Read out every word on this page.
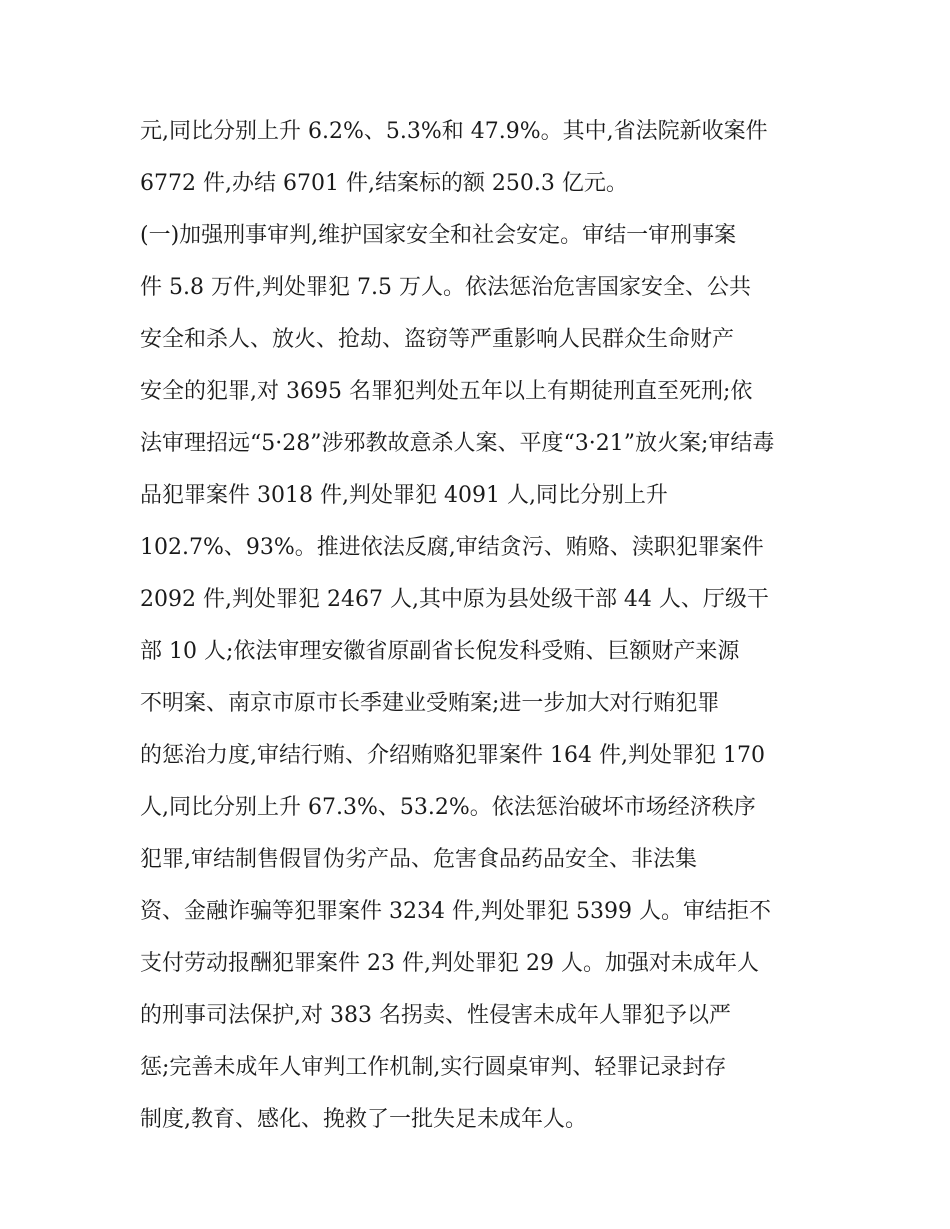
元,同比分别上升 6.2%、5.3%和 47.9%。其中,省法院新收案件
6772 件,办结 6701 件,结案标的额 250.3 亿元。
(一)加强刑事审判,维护国家安全和社会安定。审结一审刑事案
件 5.8 万件,判处罪犯 7.5 万人。依法惩治危害国家安全、公共
安全和杀人、放火、抢劫、盗窃等严重影响人民群众生命财产
安全的犯罪,对 3695 名罪犯判处五年以上有期徒刑直至死刑;依
法审理招远“5·28”涉邪教故意杀人案、平度“3·21”放火案;审结毒
品犯罪案件 3018 件,判处罪犯 4091 人,同比分别上升
102.7%、93%。推进依法反腐,审结贪污、贿赂、渎职犯罪案件
2092 件,判处罪犯 2467 人,其中原为县处级干部 44 人、厅级干
部 10 人;依法审理安徽省原副省长倪发科受贿、巨额财产来源
不明案、南京市原市长季建业受贿案;进一步加大对行贿犯罪
的惩治力度,审结行贿、介绍贿赂犯罪案件 164 件,判处罪犯 170
人,同比分别上升 67.3%、53.2%。依法惩治破坏市场经济秩序
犯罪,审结制售假冒伪劣产品、危害食品药品安全、非法集
资、金融诈骗等犯罪案件 3234 件,判处罪犯 5399 人。审结拒不
支付劳动报酬犯罪案件 23 件,判处罪犯 29 人。加强对未成年人
的刑事司法保护,对 383 名拐卖、性侵害未成年人罪犯予以严
惩;完善未成年人审判工作机制,实行圆桌审判、轻罪记录封存
制度,教育、感化、挽救了一批失足未成年人。
